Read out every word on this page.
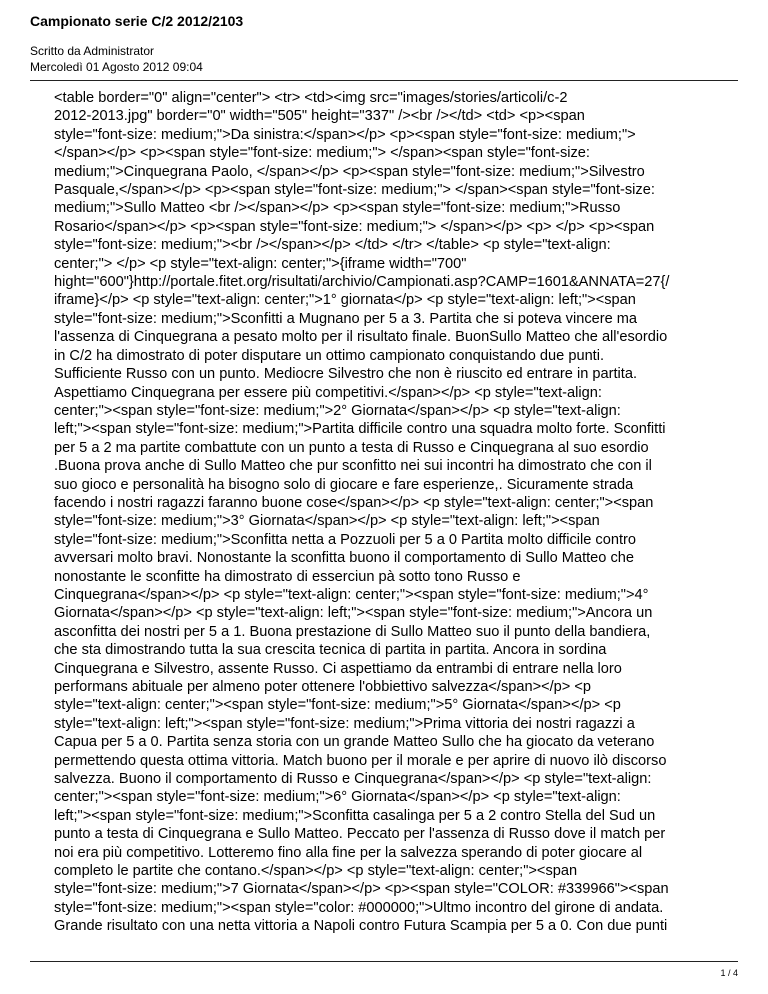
Campionato serie C/2 2012/2103
Scritto da Administrator
Mercoledì 01 Agosto 2012 09:04
<table border="0" align="center"> <tr> <td><img src="images/stories/articoli/c-2
2012-2013.jpg" border="0" width="505" height="337" /><br /></td> <td> <p><span
style="font-size: medium;">Da sinistra:</span></p> <p><span style="font-size: medium;">
</span></p> <p><span style="font-size: medium;"> </span><span style="font-size:
medium;">Cinquegrana Paolo, </span></p> <p><span style="font-size: medium;">Silvestro
Pasquale,</span></p> <p><span style="font-size: medium;"> </span><span style="font-size:
medium;">Sullo Matteo <br /></span></p> <p><span style="font-size: medium;">Russo
Rosario</span></p> <p><span style="font-size: medium;"> </span></p> <p> </p> <p><span
style="font-size: medium;"><br /></span></p> </td> </tr> </table> <p style="text-align:
center;"> </p> <p style="text-align: center;">{iframe width="700"
hight="600"}http://portale.fitet.org/risultati/archivio/Campionati.asp?CAMP=1601&ANNATA=27{/
iframe}</p> <p style="text-align: center;">1° giornata</p> <p style="text-align: left;"><span
style="font-size: medium;">Sconfitti a Mugnano per 5 a 3. Partita che si poteva vincere ma
l'assenza di Cinquegrana a pesato molto per il risultato finale. BuonSullo Matteo che all'esordio
in C/2 ha dimostrato di poter disputare un ottimo campionato conquistando due punti.
Sufficiente Russo con un punto. Mediocre Silvestro che non è riuscito ed entrare in partita.
Aspettiamo Cinquegrana per essere più competitivi.</span></p> <p style="text-align:
center;"><span style="font-size: medium;">2° Giornata</span></p> <p style="text-align:
left;"><span style="font-size: medium;">Partita difficile contro una squadra molto forte. Sconfitti
per 5 a 2 ma partite combattute con un punto a testa di Russo e Cinquegrana al suo esordio
.Buona prova anche di Sullo Matteo che pur sconfitto nei sui incontri ha dimostrato che con il
suo gioco e personalità ha bisogno solo di giocare e fare esperienze,. Sicuramente strada
facendo i nostri ragazzi faranno buone cose</span></p> <p style="text-align: center;"><span
style="font-size: medium;">3° Giornata</span></p> <p style="text-align: left;"><span
style="font-size: medium;">Sconfitta netta a Pozzuoli per 5 a 0 Partita molto difficile contro
avversari molto bravi. Nonostante la sconfitta buono il comportamento di Sullo Matteo che
nonostante le sconfitte ha dimostrato di esserciun pà sotto tono Russo e
Cinquegrana</span></p> <p style="text-align: center;"><span style="font-size: medium;">4°
Giornata</span></p> <p style="text-align: left;"><span style="font-size: medium;">Ancora un
asconfitta dei nostri per 5 a 1. Buona prestazione di Sullo Matteo suo il punto della bandiera,
che sta dimostrando tutta la sua crescita tecnica di partita in partita. Ancora in sordina
Cinquegrana e Silvestro, assente Russo. Ci aspettiamo da entrambi di entrare nella loro
performans abituale per almeno poter ottenere l'obbiettivo salvezza</span></p> <p
style="text-align: center;"><span style="font-size: medium;">5° Giornata</span></p> <p
style="text-align: left;"><span style="font-size: medium;">Prima vittoria dei nostri ragazzi a
Capua per 5 a 0. Partita senza storia con un grande Matteo Sullo che ha giocato da veterano
permettendo questa ottima vittoria. Match buono per il morale e per aprire di nuovo ilò discorso
salvezza. Buono il comportamento di Russo e Cinquegrana</span></p> <p style="text-align:
center;"><span style="font-size: medium;">6° Giornata</span></p> <p style="text-align:
left;"><span style="font-size: medium;">Sconfitta casalinga per 5 a 2 contro Stella del Sud un
punto a testa di Cinquegrana e Sullo Matteo. Peccato per l'assenza di Russo dove il match per
noi era più competitivo. Lotteremo fino alla fine per la salvezza sperando di poter giocare al
completo le partite che contano.</span></p> <p style="text-align: center;"><span
style="font-size: medium;">7 Giornata</span></p> <p><span style="COLOR: #339966"><span
style="font-size: medium;"><span style="color: #000000;">Ultmo incontro del girone di andata.
Grande risultato con una netta vittoria a Napoli contro Futura Scampia per 5 a 0. Con due punti
1 / 4
